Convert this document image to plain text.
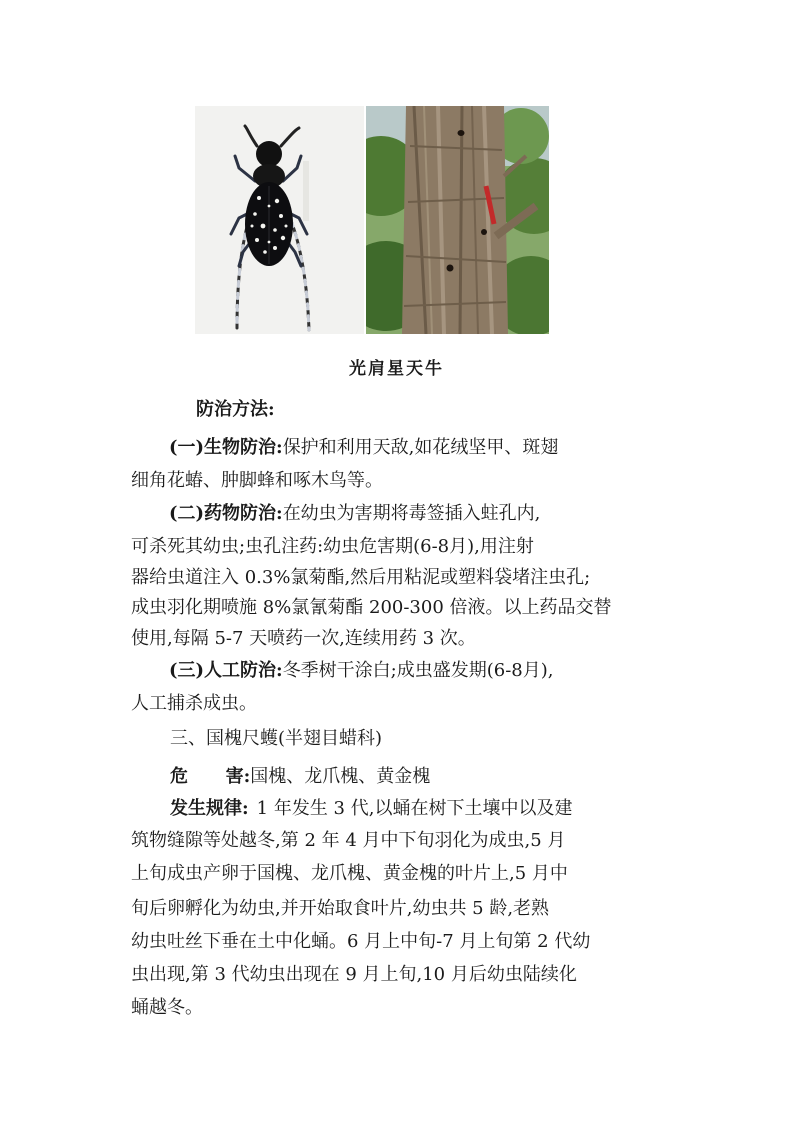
光肩星天牛
防治方法:
(一)生物防治:保护和利用天敌,如花绒坚甲、斑翅
细角花蝽、肿脚蜂和啄木鸟等。
(二)药物防治:在幼虫为害期将毒签插入蛀孔内,
可杀死其幼虫;虫孔注药:幼虫危害期(6-8月),用注射
器给虫道注入 0.3%氯菊酯,然后用粘泥或塑料袋堵注虫孔;
成虫羽化期喷施 8%氯氰菊酯 200-300 倍液。以上药品交替
使用,每隔 5-7 天喷药一次,连续用药 3 次。
(三)人工防治:冬季树干涂白;成虫盛发期(6-8月),
人工捕杀成虫。
三、国槐尺蠖(半翅目蜡科)
危      害:国槐、龙爪槐、黄金槐
发生规律: 1 年发生 3 代,以蛹在树下土壤中以及建
筑物缝隙等处越冬,第 2 年 4 月中下旬羽化为成虫,5 月
上旬成虫产卵于国槐、龙爪槐、黄金槐的叶片上,5 月中
旬后卵孵化为幼虫,并开始取食叶片,幼虫共 5 龄,老熟
幼虫吐丝下垂在土中化蛹。6 月上中旬-7 月上旬第 2 代幼
虫出现,第 3 代幼虫出现在 9 月上旬,10 月后幼虫陆续化
蛹越冬。
